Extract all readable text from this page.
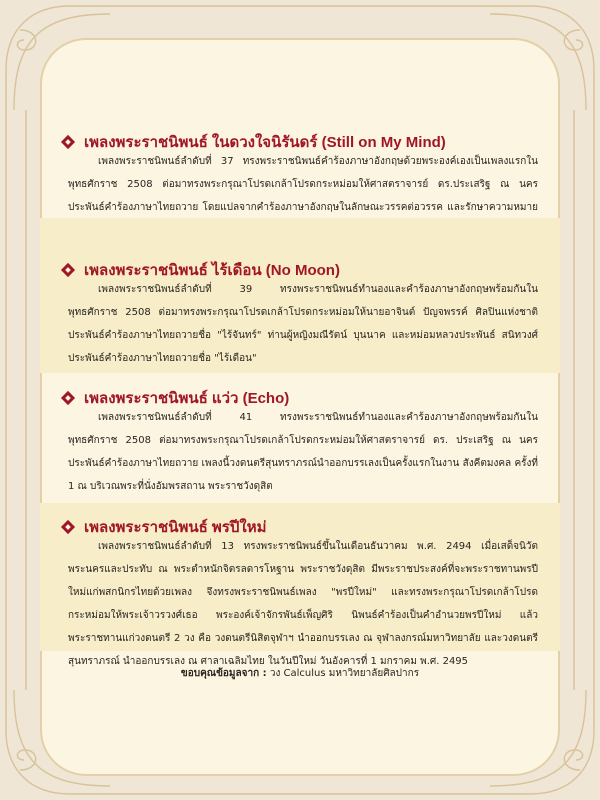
เพลงพระราชนิพนธ์ ในดวงใจนิรันดร์ (Still on My Mind)
เพลงพระราชนิพนธ์ลำดับที่ 37 ทรงพระราชนิพนธ์คำร้องภาษาอังกฤษด้วยพระองค์เองเป็นเพลงแรกใน พุทธศักราช 2508 ต่อมาทรงพระกรุณาโปรดเกล้าโปรดกระหม่อมให้ศาสตราจารย์ ดร.ประเสริฐ ณ นคร ประพันธ์คำร้องภาษาไทยถวาย โดยแปลจากคำร้องภาษาอังกฤษในลักษณะวรรคต่อวรรค และรักษาความหมาย
เพลงพระราชนิพนธ์ ไร้เดือน (No Moon)
เพลงพระราชนิพนธ์ลำดับที่ 39 ทรงพระราชนิพนธ์ทำนองและคำร้องภาษาอังกฤษพร้อมกันใน พุทธศักราช 2508 ต่อมาทรงพระกรุณาโปรดเกล้าโปรดกระหม่อมให้นายอาจินต์ ปัญจพรรค์ ศิลปินแห่งชาติ ประพันธ์คำร้องภาษาไทยถวายชื่อ "ไร้จันทร์" ท่านผู้หญิงมณีรัตน์ บุนนาค และหม่อมหลวงประพันธ์ สนิทวงศ์ ประพันธ์คำร้องภาษาไทยถวายชื่อ "ไร้เดือน"
เพลงพระราชนิพนธ์ แว่ว (Echo)
เพลงพระราชนิพนธ์ลำดับที่ 41 ทรงพระราชนิพนธ์ทำนองและคำร้องภาษาอังกฤษพร้อมกันใน พุทธศักราช 2508 ต่อมาทรงพระกรุณาโปรดเกล้าโปรดกระหม่อมให้ศาสตราจารย์ ดร. ประเสริฐ ณ นคร ประพันธ์คำร้องภาษาไทยถวาย เพลงนี้วงดนตรีสุนทราภรณ์นำออกบรรเลงเป็นครั้งแรกในงาน สังคีตมงคล ครั้งที่ 1 ณ บริเวณพระที่นั่งอัมพรสถาน พระราชวังดุสิต
เพลงพระราชนิพนธ์ พรปีใหม่
เพลงพระราชนิพนธ์ลำดับที่ 13 ทรงพระราชนิพนธ์ขึ้นในเดือนธันวาคม พ.ศ. 2494 เมื่อเสด็จนิวัตพระนครและประทับ ณ พระตำหนักจิตรลดารโหฐาน พระราชวังดุสิต มีพระราชประสงค์ที่จะพระราชทานพรปีใหม่แก่พสกนิกรไทยด้วยเพลง จึงทรงพระราชนิพนธ์เพลง "พรปีใหม่" และทรงพระกรุณาโปรดเกล้าโปรดกระหม่อมให้พระเจ้าวรวงศ์เธอ พระองค์เจ้าจักรพันธ์เพ็ญศิริ นิพนธ์คำร้องเป็นคำอำนวยพรปีใหม่ แล้วพระราชทานแก่วงดนตรี 2 วง คือ วงดนตรีนิสิตจุฬาฯ นำออกบรรเลง ณ จุฬาลงกรณ์มหาวิทยาลัย และวงดนตรีสุนทราภรณ์ นำออกบรรเลง ณ ศาลาเฉลิมไทย ในวันปีใหม่ วันอังคารที่ 1 มกราคม พ.ศ. 2495
ขอบคุณข้อมูลจาก : วง Calculus มหาวิทยาลัยศิลปากร
